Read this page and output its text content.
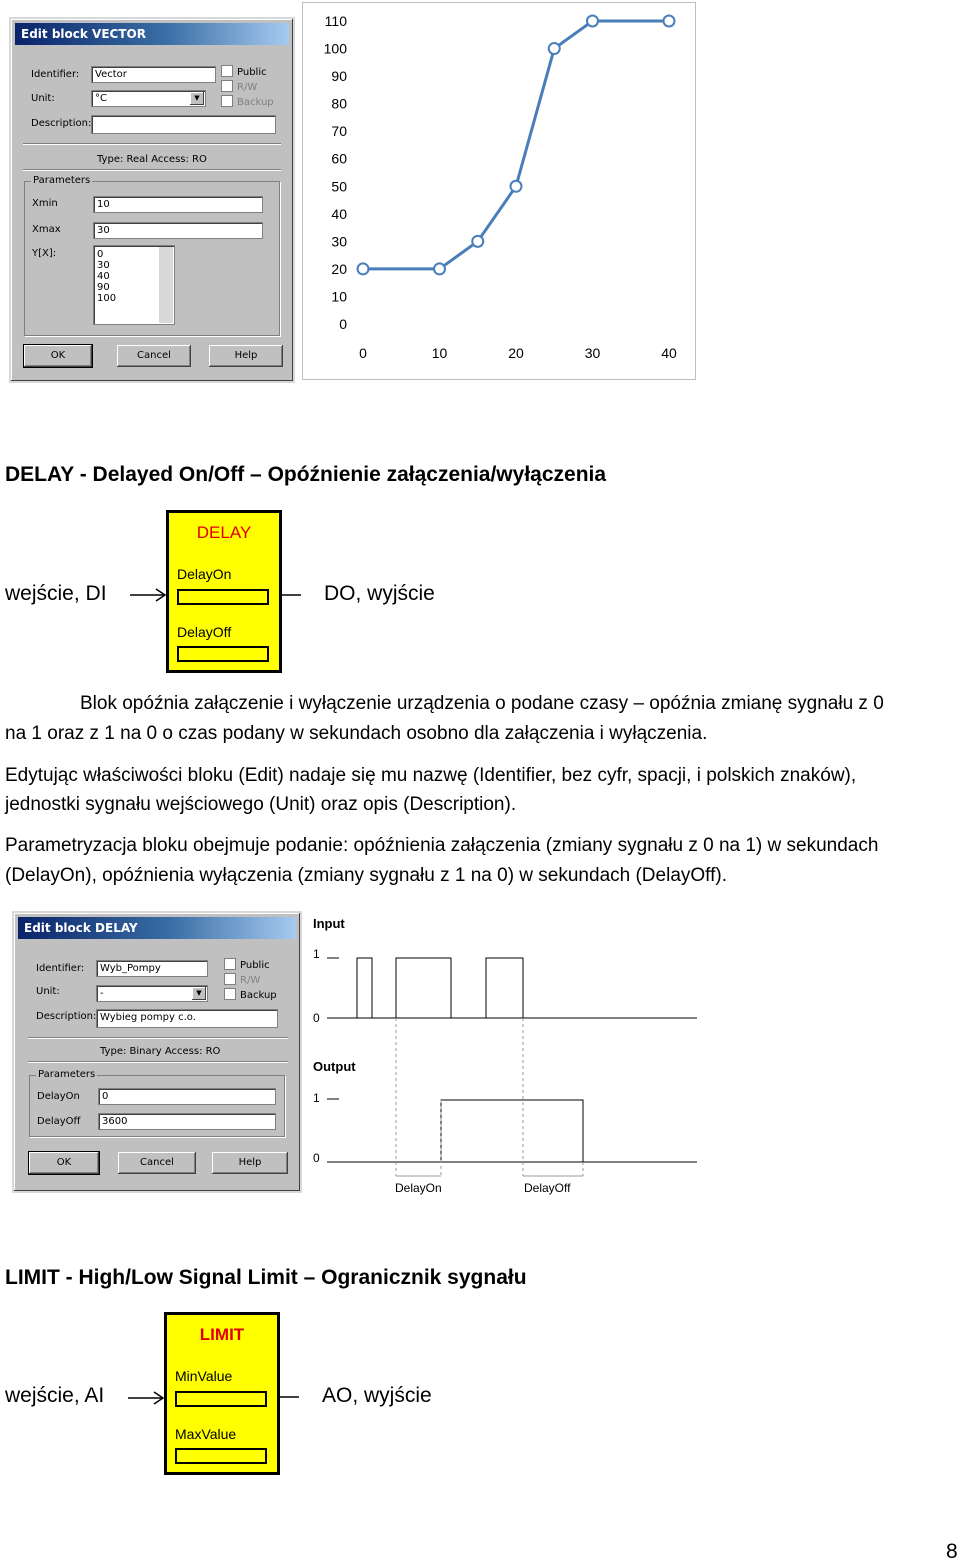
Edit block VECTOR
Identifier:	Vector
Unit:	°C	▼
Description:
Public
R/W
Backup
Type: Real Access: RO
Parameters
Xmin	10
Xmax	30
Y[X]:	0
30
40
90
100
OK	Cancel	Help
0
10
20
30
40
50
60
70
80
90
100
110
0	10	20	30	40
DELAY - Delayed On/Off – Opóźnienie załączenia/wyłączenia
wejście, DI
DELAY
DelayOn
DelayOff
DO, wyjście
Blok opóźnia załączenie i wyłączenie urządzenia o podane czasy – opóźnia zmianę sygnału z 0
na 1 oraz z 1 na 0 o czas podany w sekundach osobno dla załączenia i wyłączenia.
Edytując właściwości bloku (Edit) nadaje się mu nazwę (Identifier, bez cyfr, spacji, i polskich znaków),
jednostki sygnału wejściowego (Unit) oraz opis (Description).
Parametryzacja bloku obejmuje podanie: opóźnienia załączenia (zmiany sygnału z 0 na 1) w sekundach
(DelayOn), opóźnienia wyłączenia (zmiany sygnału z 1 na 0) w sekundach (DelayOff).
Edit block DELAY
Identifier:	Wyb_Pompy
Unit:	-	▼
Description: Wybieg pompy c.o.
Public
R/W
Backup
Type: Binary Access: RO
Parameters
DelayOn	0
DelayOff	3600
OK	Cancel	Help
Input
1
0
Output
1
0
DelayOn	DelayOff
LIMIT - High/Low Signal Limit – Ogranicznik sygnału
wejście, AI
LIMIT
MinValue
MaxValue
AO, wyjście
8
